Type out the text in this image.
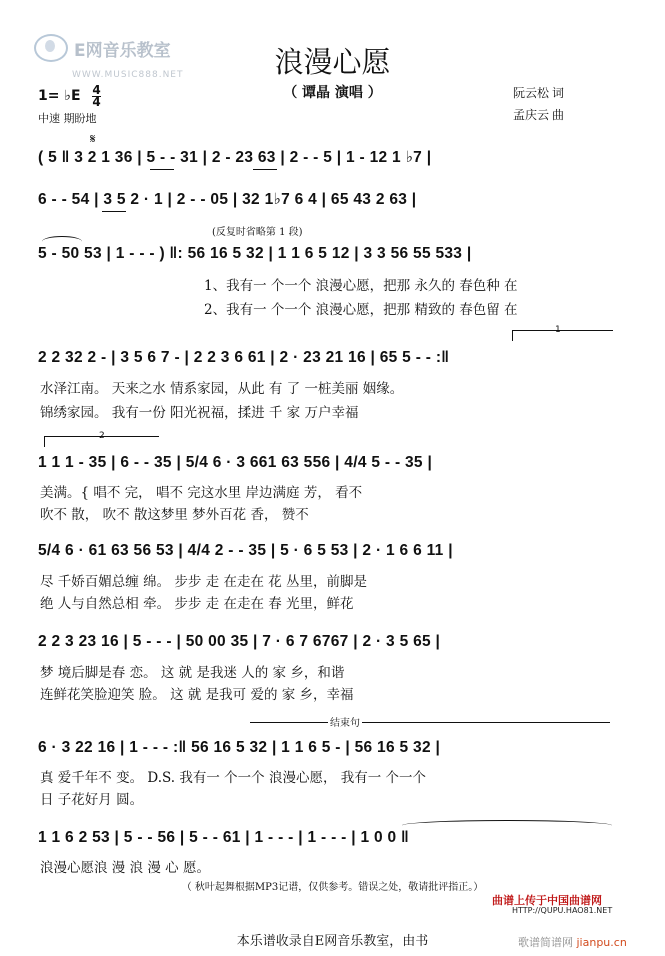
E网音乐教室
WWW.MUSIC888.NET	浪漫心愿
（ 谭晶 演唱 ）
1= ♭E 4
4
中速 期盼地
阮云松 词
孟庆云 曲
𝄋
( 5 ‖ 3 2 1 36 | 5 - - 31 | 2 - 23 63 | 2 - - 5 | 1 - 12 1 ♭7 |
6 - - 54 | 3 5 2 · 1 | 2 - - 05 | 32 1♭7 6 4 | 65 43 2 63 |
(反复时省略第 1 段)
5 - 50 53 | 1 - - - ) ‖: 56 16 5 32 | 1 1 6 5 12 | 3 3 56 55 533 |
1、我有一 个一个 浪漫心愿，把那 永久的 春色种 在
2、我有一 个一个 浪漫心愿，把那 精致的 春色留 在
1
2 2 32 2 - | 3 5 6 7 - | 2 2 3 6 61 | 2 · 23 21 16 | 65 5 - - :‖
水泽江南。 天来之水 情系家园，从此 有 了 一桩美丽 姻缘。
锦绣家园。 我有一份 阳光祝福，揉进 千 家 万户幸福
2
1 1 1 - 35 | 6 - - 35 | 5/4 6 · 3 661 63 556 | 4/4 5 - - 35 |
美满。{ 唱不 完， 唱不 完这水里 岸边满庭 芳， 看不
吹不 散， 吹不 散这梦里 梦外百花 香， 赞不
5/4 6 · 61 63 56 53 | 4/4 2 - - 35 | 5 · 6 5 53 | 2 · 1 6 6 11 |
尽 千娇百媚总缠 绵。 步步 走 在走在 花 丛里，前脚是
绝 人与自然总相 牵。 步步 走 在走在 春 光里，鲜花
2 2 3 23 16 | 5 - - - | 50 00 35 | 7 · 6 7 6767 | 2 · 3 5 65 |
梦 境后脚是春 恋。 这 就 是我迷 人的 家 乡，和谐
连鲜花笑脸迎笑 脸。 这 就 是我可 爱的 家 乡，幸福
结束句
6 · 3 22 16 | 1 - - - :‖ 56 16 5 32 | 1 1 6 5 - | 56 16 5 32 |
真 爱千年不 变。 D.S. 我有一 个一个 浪漫心愿， 我有一 个一个
日 子花好月 圆。
1 1 6 2 53 | 5 - - 56 | 5 - - 61 | 1 - - - | 1 - - - | 1 0 0 ‖
浪漫心愿浪 漫 浪 漫 心 愿。
（ 秋叶起舞根据MP3记谱，仅供参考。错误之处，敬请批评指正。）
曲谱上传于中国曲谱网
HTTP://QUPU.HAO81.NET
本乐谱收录自E网音乐教室，由书	歌谱简谱网 jianpu.cn
